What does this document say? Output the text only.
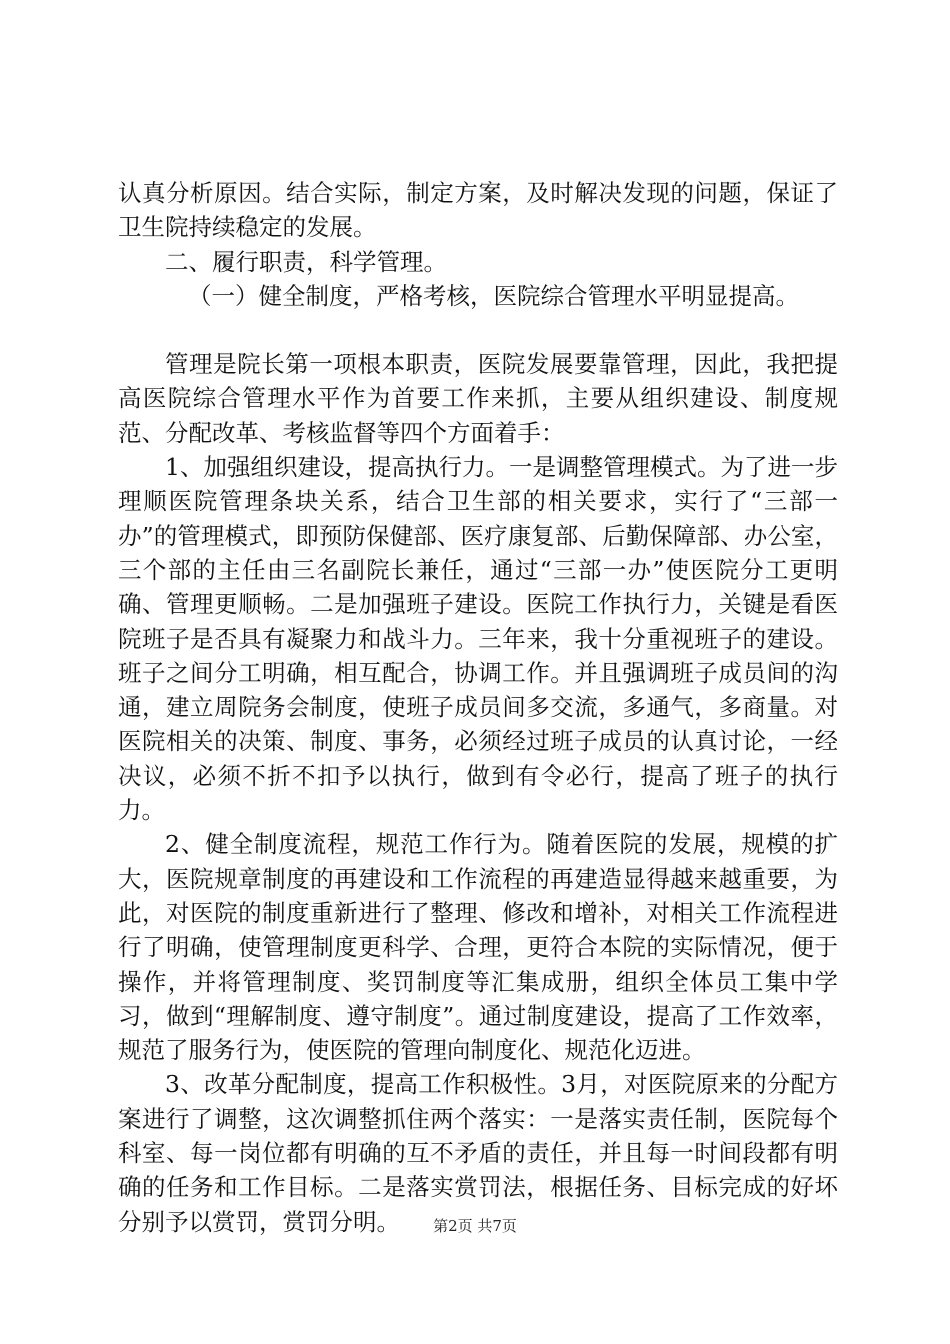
认真分析原因。结合实际，制定方案，及时解决发现的问题，保证了卫生院持续稳定的发展。

二、履行职责，科学管理。

（一）健全制度，严格考核，医院综合管理水平明显提高。

管理是院长第一项根本职责，医院发展要靠管理，因此，我把提高医院综合管理水平作为首要工作来抓，主要从组织建设、制度规范、分配改革、考核监督等四个方面着手：

1、加强组织建设，提高执行力。一是调整管理模式。为了进一步理顺医院管理条块关系，结合卫生部的相关要求，实行了“三部一办”的管理模式，即预防保健部、医疗康复部、后勤保障部、办公室，三个部的主任由三名副院长兼任，通过“三部一办”使医院分工更明确、管理更顺畅。二是加强班子建设。医院工作执行力，关键是看医院班子是否具有凝聚力和战斗力。三年来，我十分重视班子的建设。班子之间分工明确，相互配合，协调工作。并且强调班子成员间的沟通，建立周院务会制度，使班子成员间多交流，多通气，多商量。对医院相关的决策、制度、事务，必须经过班子成员的认真讨论，一经决议，必须不折不扣予以执行，做到有令必行，提高了班子的执行力。

2、健全制度流程，规范工作行为。随着医院的发展，规模的扩大，医院规章制度的再建设和工作流程的再建造显得越来越重要，为此，对医院的制度重新进行了整理、修改和增补，对相关工作流程进行了明确，使管理制度更科学、合理，更符合本院的实际情况，便于操作，并将管理制度、奖罚制度等汇集成册，组织全体员工集中学习，做到“理解制度、遵守制度”。通过制度建设，提高了工作效率，规范了服务行为，使医院的管理向制度化、规范化迈进。

3、改革分配制度，提高工作积极性。3月，对医院原来的分配方案进行了调整，这次调整抓住两个落实：一是落实责任制，医院每个科室、每一岗位都有明确的互不矛盾的责任，并且每一时间段都有明确的任务和工作目标。二是落实赏罚法，根据任务、目标完成的好坏分别予以赏罚，赏罚分明。	第2页 共7页
